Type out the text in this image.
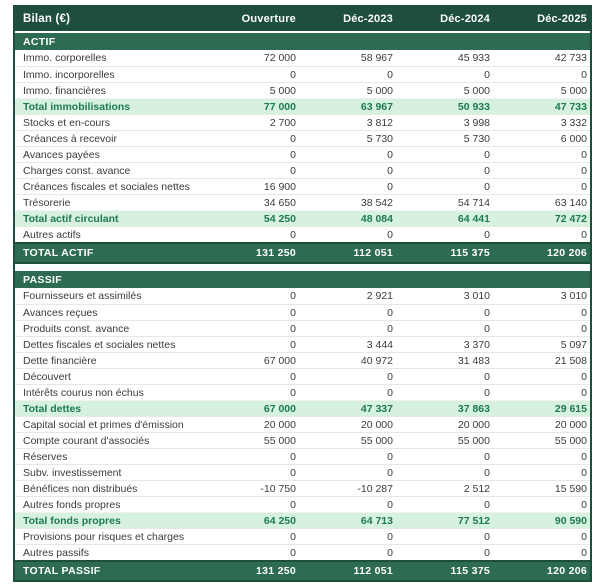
Bilan (€)	Ouverture	Déc-2023	Déc-2024	Déc-2025
ACTIF
Immo. corporelles	72 000	58 967	45 933	42 733
Immo. incorporelles	0	0	0	0
Immo. financières	5 000	5 000	5 000	5 000
Total immobilisations	77 000	63 967	50 933	47 733
Stocks et en-cours	2 700	3 812	3 998	3 332
Créances à recevoir	0	5 730	5 730	6 000
Avances payées	0	0	0	0
Charges const. avance	0	0	0	0
Créances fiscales et sociales nettes	16 900	0	0	0
Trésorerie	34 650	38 542	54 714	63 140
Total actif circulant	54 250	48 084	64 441	72 472
Autres actifs	0	0	0	0
TOTAL ACTIF	131 250	112 051	115 375	120 206
PASSIF
Fournisseurs et assimilés	0	2 921	3 010	3 010
Avances reçues	0	0	0	0
Produits const. avance	0	0	0	0
Dettes fiscales et sociales nettes	0	3 444	3 370	5 097
Dette financière	67 000	40 972	31 483	21 508
Découvert	0	0	0	0
Intérêts courus non échus	0	0	0	0
Total dettes	67 000	47 337	37 863	29 615
Capital social et primes d'émission	20 000	20 000	20 000	20 000
Compte courant d'associés	55 000	55 000	55 000	55 000
Réserves	0	0	0	0
Subv. investissement	0	0	0	0
Bénéfices non distribués	-10 750	-10 287	2 512	15 590
Autres fonds propres	0	0	0	0
Total fonds propres	64 250	64 713	77 512	90 590
Provisions pour risques et charges	0	0	0	0
Autres passifs	0	0	0	0
TOTAL PASSIF	131 250	112 051	115 375	120 206
